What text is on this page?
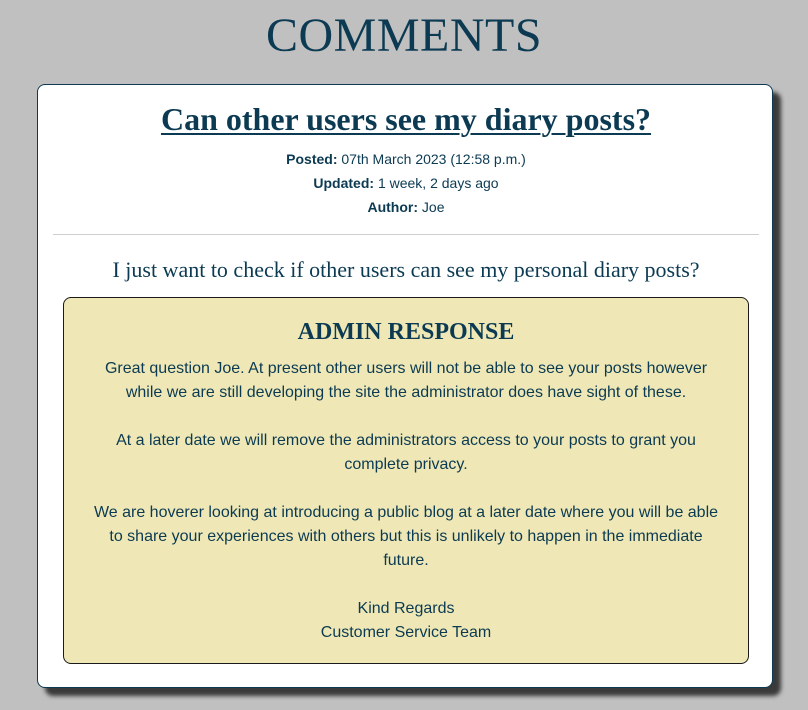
COMMENTS
Can other users see my diary posts?
Posted: 07th March 2023 (12:58 p.m.)
Updated: 1 week, 2 days ago
Author: Joe
I just want to check if other users can see my personal diary posts?
ADMIN RESPONSE

Great question Joe. At present other users will not be able to see your posts however while we are still developing the site the administrator does have sight of these.

At a later date we will remove the administrators access to your posts to grant you complete privacy.

We are hoverer looking at introducing a public blog at a later date where you will be able to share your experiences with others but this is unlikely to happen in the immediate future.

Kind Regards
Customer Service Team
